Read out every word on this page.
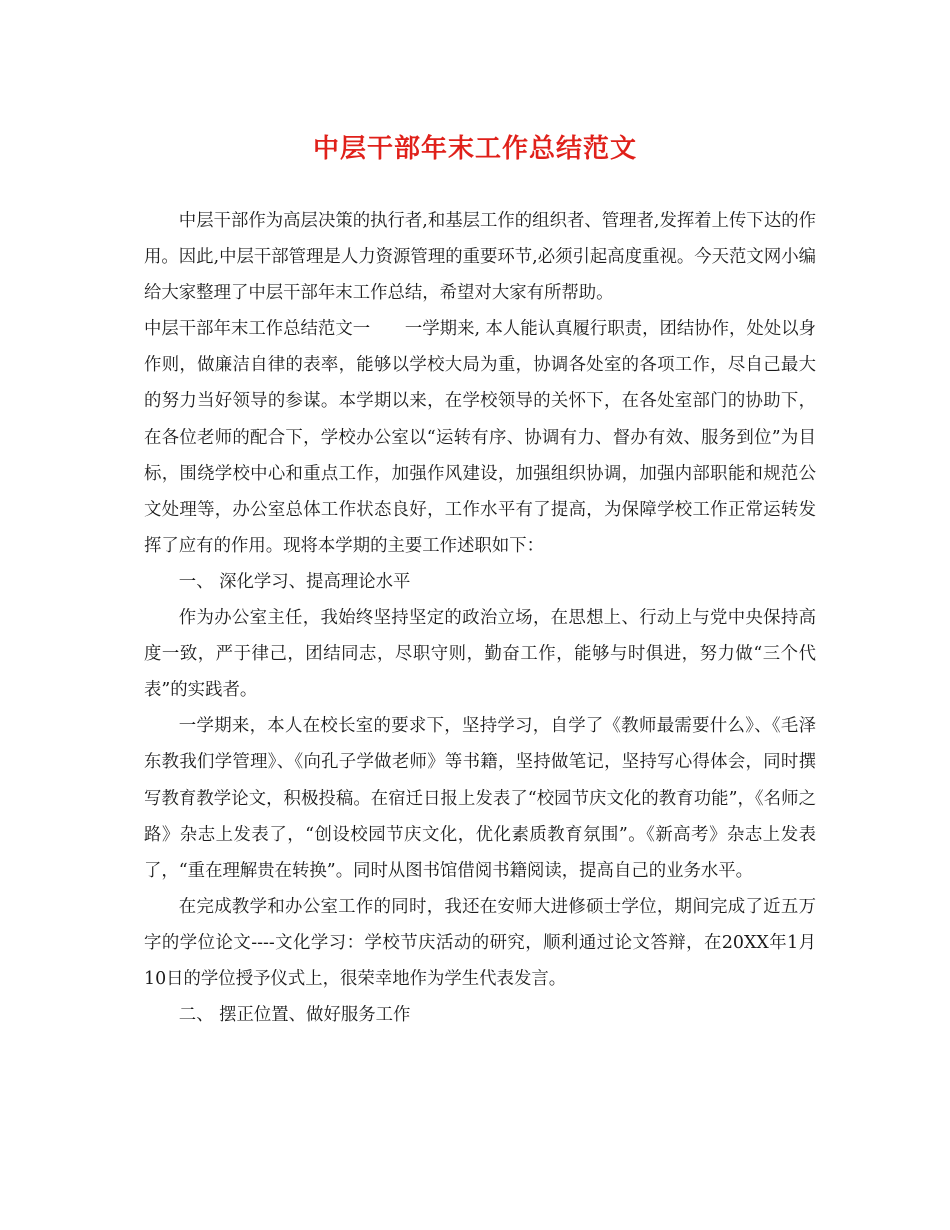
中层干部年末工作总结范文

中层干部作为高层决策的执行者,和基层工作的组织者、管理者,发挥着上传下达的作用。因此,中层干部管理是人力资源管理的重要环节,必须引起高度重视。今天范文网小编给大家整理了中层干部年末工作总结，希望对大家有所帮助。

中层干部年末工作总结范文一　　一学期来, 本人能认真履行职责，团结协作，处处以身作则，做廉洁自律的表率，能够以学校大局为重，协调各处室的各项工作，尽自己最大的努力当好领导的参谋。本学期以来，在学校领导的关怀下，在各处室部门的协助下，在各位老师的配合下，学校办公室以“运转有序、协调有力、督办有效、服务到位”为目标，围绕学校中心和重点工作，加强作风建设，加强组织协调，加强内部职能和规范公文处理等，办公室总体工作状态良好，工作水平有了提高，为保障学校工作正常运转发挥了应有的作用。现将本学期的主要工作述职如下：

一、 深化学习、提高理论水平

作为办公室主任，我始终坚持坚定的政治立场，在思想上、行动上与党中央保持高度一致，严于律己，团结同志，尽职守则，勤奋工作，能够与时俱进，努力做“三个代表”的实践者。

一学期来，本人在校长室的要求下，坚持学习，自学了《教师最需要什么》、《毛泽东教我们学管理》、《向孔子学做老师》等书籍，坚持做笔记，坚持写心得体会，同时撰写教育教学论文，积极投稿。在宿迁日报上发表了“校园节庆文化的教育功能”，《名师之路》杂志上发表了，“创设校园节庆文化，优化素质教育氛围”。《新高考》杂志上发表了，“重在理解贵在转换”。同时从图书馆借阅书籍阅读，提高自己的业务水平。

在完成教学和办公室工作的同时，我还在安师大进修硕士学位，期间完成了近五万字的学位论文----文化学习：学校节庆活动的研究，顺利通过论文答辩，在20XX年1月10日的学位授予仪式上，很荣幸地作为学生代表发言。

二、 摆正位置、做好服务工作
